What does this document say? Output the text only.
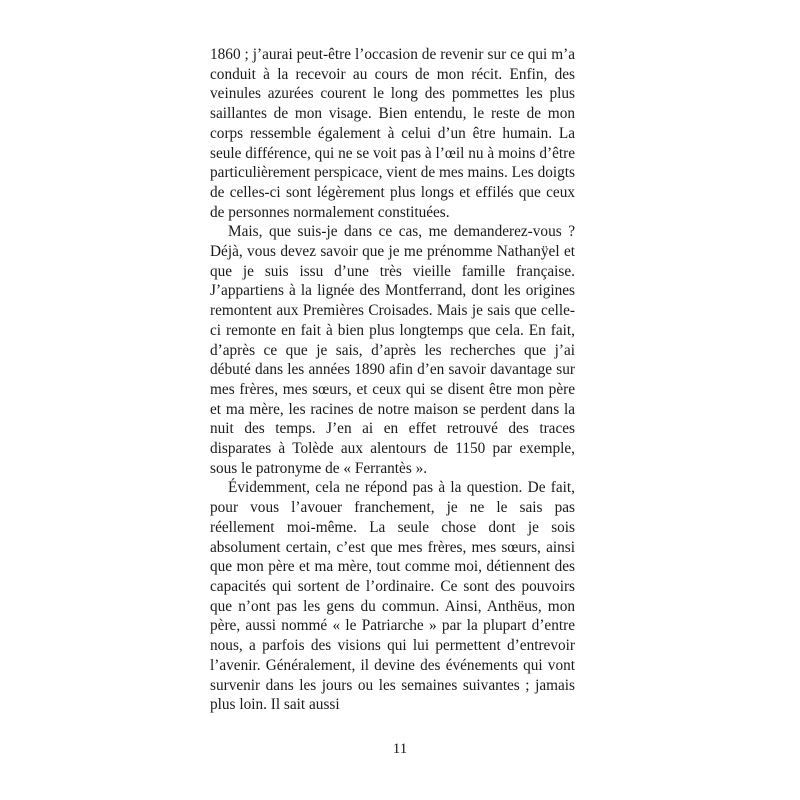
1860 ; j’aurai peut-être l’occasion de revenir sur ce qui m’a conduit à la recevoir au cours de mon récit. Enfin, des veinules azurées courent le long des pommettes les plus saillantes de mon visage. Bien entendu, le reste de mon corps ressemble également à celui d’un être humain. La seule différence, qui ne se voit pas à l’œil nu à moins d’être particulièrement perspicace, vient de mes mains. Les doigts de celles-ci sont légèrement plus longs et effilés que ceux de personnes normalement constituées.

Mais, que suis-je dans ce cas, me demanderez-vous ? Déjà, vous devez savoir que je me prénomme Nathanÿel et que je suis issu d’une très vieille famille française. J’appartiens à la lignée des Montferrand, dont les origines remontent aux Premières Croisades. Mais je sais que celle-ci remonte en fait à bien plus longtemps que cela. En fait, d’après ce que je sais, d’après les recherches que j’ai débuté dans les années 1890 afin d’en savoir davantage sur mes frères, mes sœurs, et ceux qui se disent être mon père et ma mère, les racines de notre maison se perdent dans la nuit des temps. J’en ai en effet retrouvé des traces disparates à Tolède aux alentours de 1150 par exemple, sous le patronyme de « Ferrantès ».

Évidemment, cela ne répond pas à la question. De fait, pour vous l’avouer franchement, je ne le sais pas réellement moi-même. La seule chose dont je sois absolument certain, c’est que mes frères, mes sœurs, ainsi que mon père et ma mère, tout comme moi, détiennent des capacités qui sortent de l’ordinaire. Ce sont des pouvoirs que n’ont pas les gens du commun. Ainsi, Anthëus, mon père, aussi nommé « le Patriarche » par la plupart d’entre nous, a parfois des visions qui lui permettent d’entrevoir l’avenir. Généralement, il devine des événements qui vont survenir dans les jours ou les semaines suivantes ; jamais plus loin. Il sait aussi

11
